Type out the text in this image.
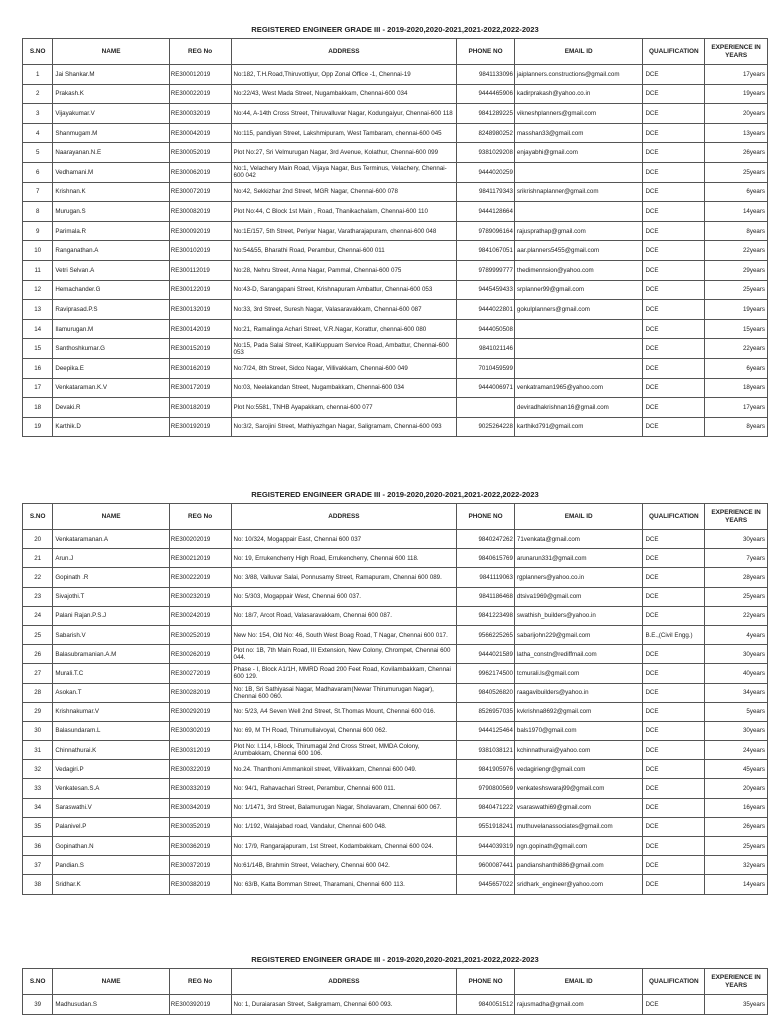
REGISTERED ENGINEER GRADE III - 2019-2020,2020-2021,2021-2022,2022-2023
S.NO	NAME	REG No	ADDRESS	PHONE NO	EMAIL ID	QUALIFICATION	EXPERIENCE IN YEARS
1	Jai Shankar.M	RE300012019	No:182, T.H.Road,Thiruvottiyur, Opp Zonal Office -1, Chennai-19	9841133096	jaiplanners.constructions@gmail.com	DCE	17years
2	Prakash.K	RE300022019	No:22/43, West Mada Street, Nugambakkam, Chennai-600 034	9444465906	kadirprakash@yahoo.co.in	DCE	19years
3	Vijayakumar.V	RE300032019	No:44, A-14th Cross Street, Thiruvalluvar Nagar, Kodungaiyur, Chennai-600 118	9841289225	vikneshplanners@gmail.com	DCE	20years
4	Shanmugam.M	RE300042019	No:115, pandiyan Street, Lakshmipuram, West Tambaram, chennai-600 045	8248980252	masshan33@gmail.com	DCE	13years
5	Naarayanan.N.E	RE300052019	Plot No:27, Sri Velmurugan Nagar, 3rd Avenue, Kolathur, Chennai-600 099	9381029208	enjayabhi@gmail.com	DCE	26years
6	Vedhamani.M	RE300062019	No:1, Velachery Main Road, Vijaya Nagar, Bus Terminus, Velachery, Chennai-600 042	9444020259		DCE	25years
7	Krishnan.K	RE300072019	No:42, Sekkizhar 2nd Street, MGR Nagar, Chennai-600 078	9841179343	srikrishnaplanner@gmail.com	DCE	6years
8	Murugan.S	RE300082019	Plot No:44, C Block 1st Main , Road, Thanikachalam, Chennai-600 110	9444128664		DCE	14years
9	Parimala.R	RE300092019	No:1E/157, 5th Street, Periyar Nagar, Varatharajapuram, chennai-600 048	9789096164	rajusprathap@gmail.com	DCE	8years
10	Ranganathan.A	RE300102019	No:54&55, Bharathi Road, Perambur, Chennai-600 011	9841067051	aar.planners5455@gmail.com	DCE	22years
11	Vetri Selvan.A	RE300112019	No:28, Nehru Street, Anna Nagar, Pammal, Chennai-600 075	9789999777	thedimennsion@yahoo.com	DCE	29years
12	Hemachander.G	RE300122019	No:43-D, Sarangapani Street, Krishnapuram Ambattur, Chennai-600 053	9445459433	srplanner99@gmail.com	DCE	25years
13	Raviprasad.P.S	RE300132019	No:33, 3rd Street, Suresh Nagar, Valasaravakkam, Chennai-600 087	9444022801	gokulplanners@gmail.com	DCE	19years
14	Ilamurugan.M	RE300142019	No:21, Ramalinga Achari Street, V.R.Nagar, Korattur, chennai-600 080	9444050508		DCE	15years
15	Santhoshkumar.G	RE300152019	No:15, Pada Salai Street, KalliKuppuam Service Road, Ambattur, Chennai-600 053	9841021146		DCE	22years
16	Deepika.E	RE300162019	No:7/24, 8th Street, Sidco Nagar, Villivakkam, Chennai-600 049	7010459599		DCE	6years
17	Venkataraman.K.V	RE300172019	No:03, Neelakandan Street, Nugambakkam, Chennai-600 034	9444006971	venkatraman1965@yahoo.com	DCE	18years
18	Devaki.R	RE300182019	Plot No:5581, TNHB Ayapakkam, chennai-600 077		deviradhakrishnan16@gmail.com	DCE	17years
19	Karthik.D	RE300192019	No:3/2, Sarojini Street, Mathiyazhgan Nagar, Saligramam, Chennai-600 093	9025264228	karthikd791@gmail.com	DCE	8years
REGISTERED ENGINEER GRADE III - 2019-2020,2020-2021,2021-2022,2022-2023
S.NO	NAME	REG No	ADDRESS	PHONE NO	EMAIL ID	QUALIFICATION	EXPERIENCE IN YEARS
20	Venkataramanan.A	RE300202019	No: 10/324, Mogappair East, Chennai 600 037	9840247262	71venkata@gmail.com	DCE	30years
21	Arun.J	RE300212019	No: 19, Errukencherry High Road, Errukencherry, Chennai 600 118.	9840615769	arunarun331@gmail.com	DCE	7years
22	Gopinath .R	RE300222019	No: 3/88, Valluvar Salai, Ponnusamy Street, Ramapuram, Chennai 600 089.	9841119063	rgplanners@yahoo.co.in	DCE	28years
23	Sivajothi.T	RE300232019	No: 5/303, Mogappair West, Chennai 600 037.	9841186468	dtsiva1969@gmail.com	DCE	25years
24	Palani Rajan.P.S.J	RE300242019	No: 18/7, Arcot Road, Valasaravakkam, Chennai 600 087.	9841223498	swathish_builders@yahoo.in	DCE	22years
25	Sabarish.V	RE300252019	New No: 154, Old No: 46, South West Boag Road, T Nagar, Chennai 600 017.	9566225265	sabarijohn229@gmail.com	B.E.,(Civil Engg.)	4years
26	Balasubramanian.A.M	RE300262019	Plot no: 1B, 7th Main Road, III Extension, New Colony, Chrompet, Chennai 600 044.	9444021589	latha_constn@rediffmail.com	DCE	30years
27	Murali.T.C	RE300272019	Phase - I, Block A1/1H, MMRD Road 200 Feet Road, Kovilambakkam, Chennai 600 129.	9962174500	tcmurali.ls@gmail.com	DCE	40years
28	Asokan.T	RE300282019	No: 1B, Sri Sathiyasai Nagar, Madhavaram(Newar Thirumurugan Nagar), Chennai 600 060.	9840526820	raagavibuilders@yahoo.in	DCE	34years
29	Krishnakumar.V	RE300292019	No: 5/23, A4 Seven Well 2nd Street, St.Thomas Mount, Chennai 600 016.	8526957035	kvkrishna8692@gmail.com	DCE	5years
30	Balasundaram.L	RE300302019	No: 69, M TH Road, Thirumullaivoyal, Chennai 600 062.	9444125464	bals1970@gmail.com	DCE	30years
31	Chinnathurai.K	RE300312019	Plot No: I.114, I-Block, Thirumagal 2nd Cross Street, MMDA Colony, Arumbakkam, Chennai 600 106.	9381038121	kchinnathurai@yahoo.com	DCE	24years
32	Vedagiri.P	RE300322019	No.24. Thanthoni Ammankoil street, Villivakkam, Chennai 600 049.	9841905976	vedagiriengr@gmail.com	DCE	45years
33	Venkatesan.S.A	RE300332019	No: 94/1, Rahavachari Street, Perambur, Chennai 600 011.	9790800569	venkateshswaraj99@gmail.com	DCE	20years
34	Saraswathi.V	RE300342019	No: 1/1471, 3rd Street, Balamurugan Nagar, Sholavaram, Chennai 600 067.	9840471222	vsaraswathi69@gmail.com	DCE	16years
35	Palanivel.P	RE300352019	No: 1/192, Walajabad road, Vandalur, Chennai 600 048.	9551918241	muthuvelanassociates@gmail.com	DCE	26years
36	Gopinathan.N	RE300362019	No: 17/9, Rangarajapuram, 1st Street, Kodambakkam, Chennai 600 024.	9444039319	ngn.gopinath@gmail.com	DCE	25years
37	Pandian.S	RE300372019	No:61/14B, Brahmin Street, Velachery, Chennai 600 042.	9600087441	pandianshanthi886@gmail.com	DCE	32years
38	Sridhar.K	RE300382019	No: 63/B, Katta Bomman Street, Tharamani, Chennai 600 113.	9445657022	sridhark_engineer@yahoo.com	DCE	14years
REGISTERED ENGINEER GRADE III - 2019-2020,2020-2021,2021-2022,2022-2023
S.NO	NAME	REG No	ADDRESS	PHONE NO	EMAIL ID	QUALIFICATION	EXPERIENCE IN YEARS
39	Madhusudan.S	RE300392019	No: 1, Duraiarasan Street, Saligramam, Chennai 600 093.	9840051512	rajusmadha@gmail.com	DCE	35years
